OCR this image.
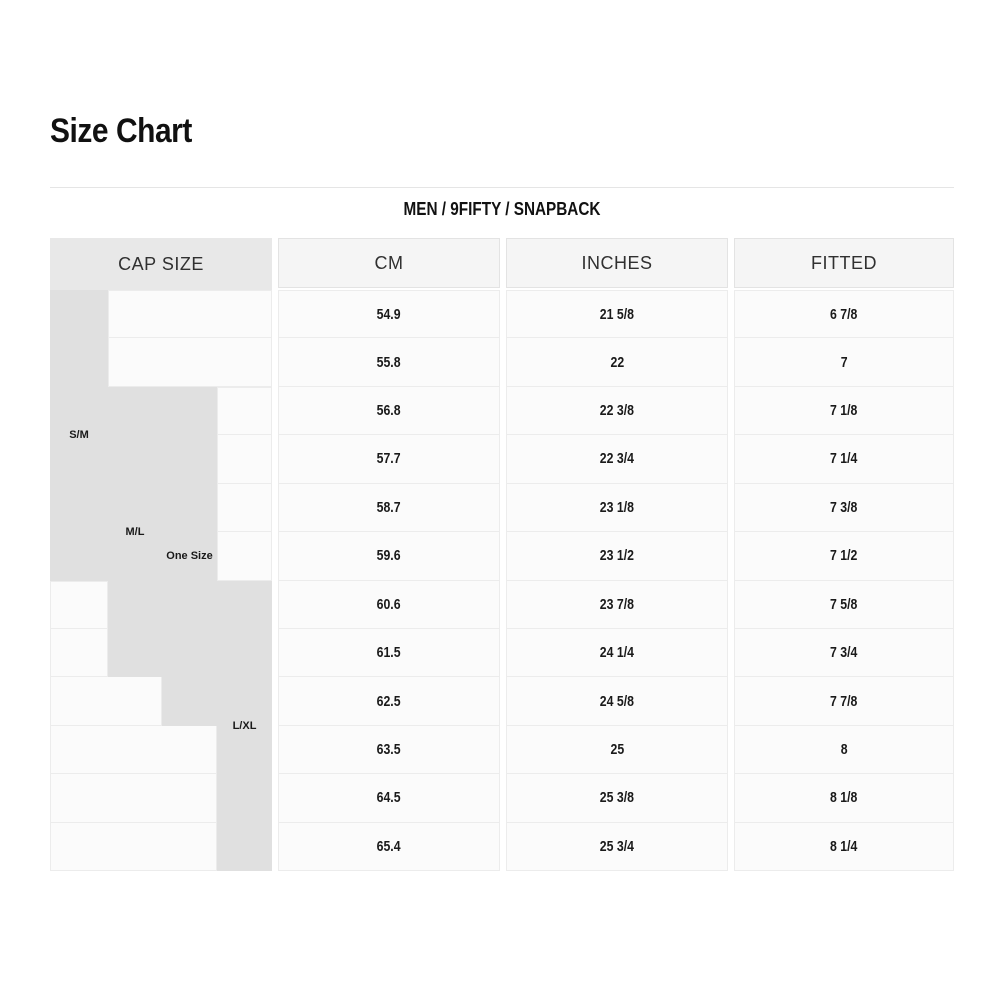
Size Chart
MEN / 9FIFTY / SNAPBACK
CAP SIZE
S/M
M/L
One Size
L/XL
CM
54.9
55.8
56.8
57.7
58.7
59.6
60.6
61.5
62.5
63.5
64.5
65.4
INCHES
21 5/8
22
22 3/8
22 3/4
23 1/8
23 1/2
23 7/8
24 1/4
24 5/8
25
25 3/8
25 3/4
FITTED
6 7/8
7
7 1/8
7 1/4
7 3/8
7 1/2
7 5/8
7 3/4
7 7/8
8
8 1/8
8 1/4
